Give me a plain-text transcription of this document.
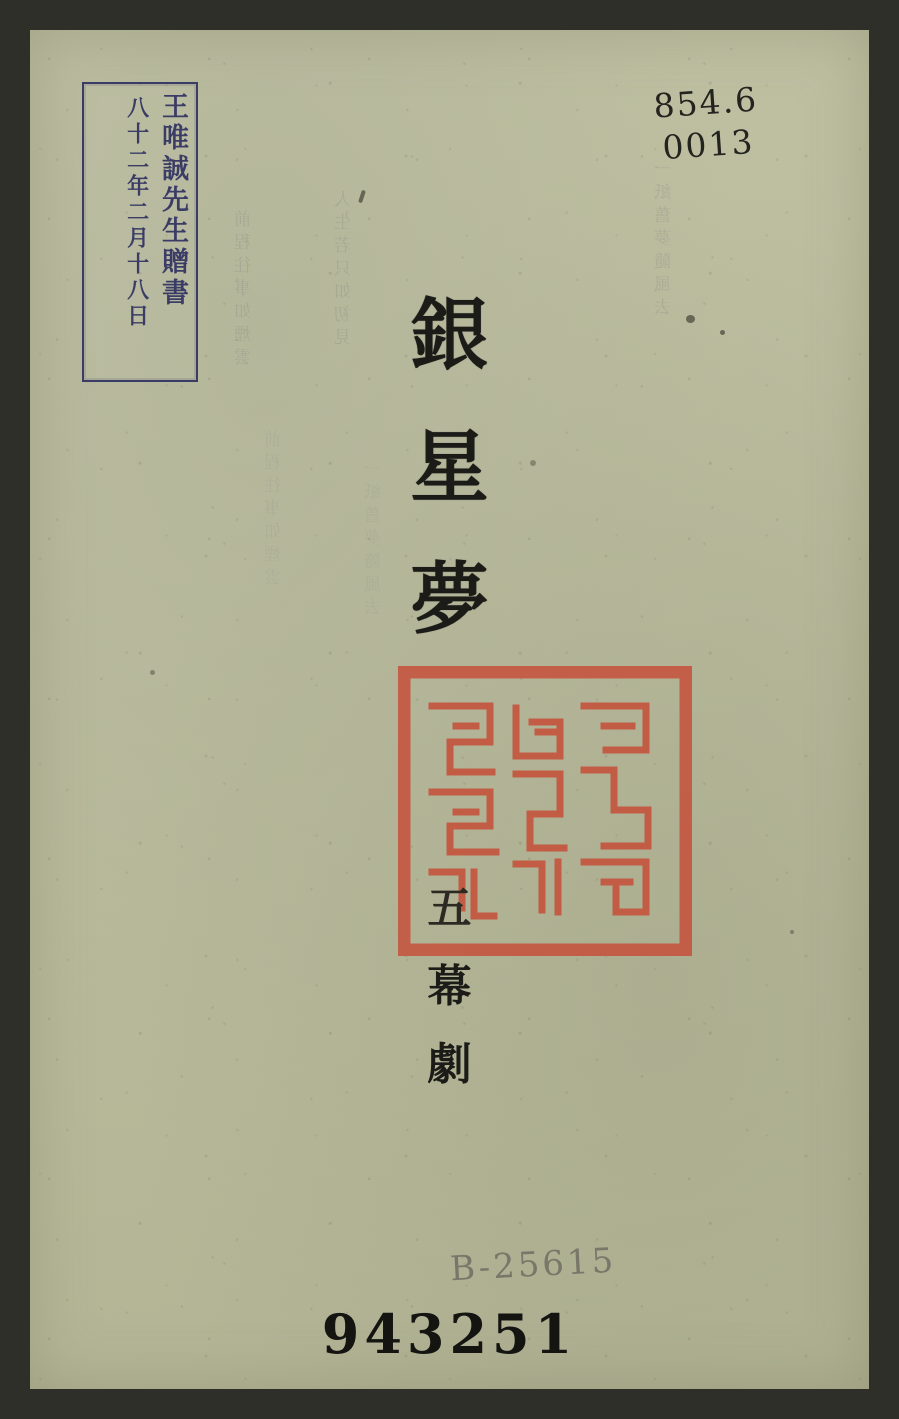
前程往事如煙雲	人生若只如初見	一紙舊夢隨風去
前程往事如煙雲	一紙舊夢隨風去
王唯誠先生贈書
八十二年二月十八日	854.6
0013
銀
星
夢
五
幕
劇
B-25615
943251
